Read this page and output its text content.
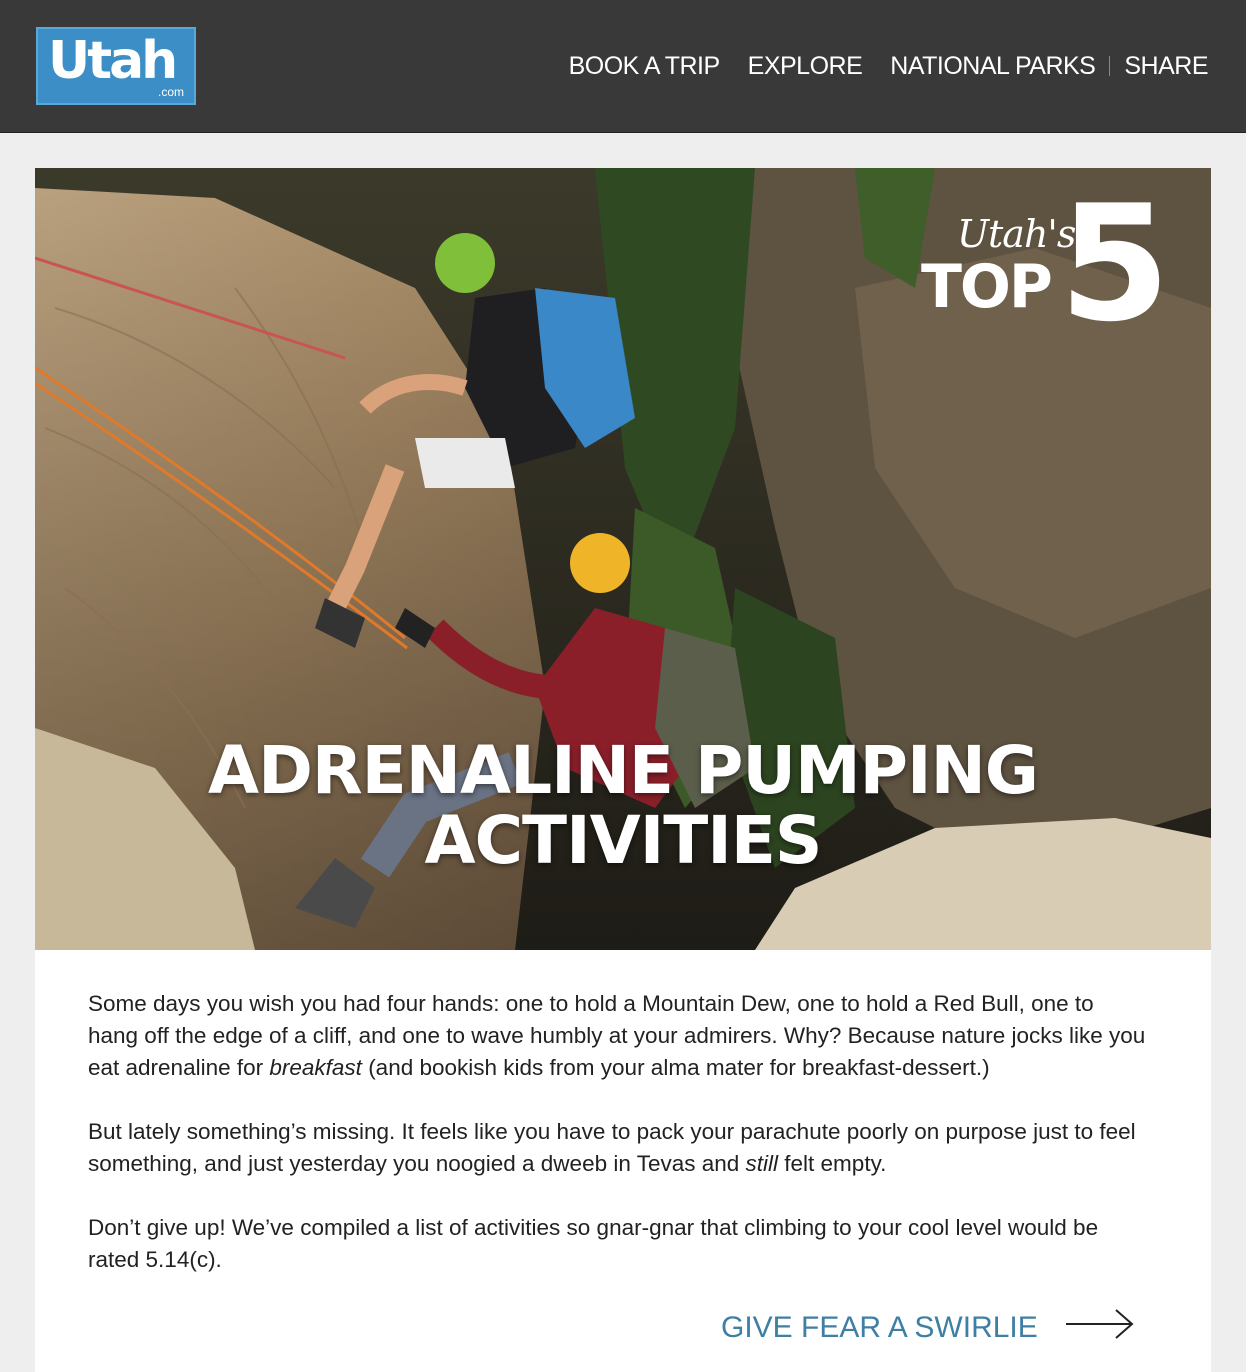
Utah
.com
BOOK A TRIP EXPLORE NATIONAL PARKS SHARE
Utah's
TOP 5
ADRENALINE PUMPING
ACTIVITIES

Some days you wish you had four hands: one to hold a Mountain Dew, one to hold a Red Bull, one to hang off the edge of a cliff, and one to wave humbly at your admirers. Why? Because nature jocks like you eat adrenaline for breakfast (and bookish kids from your alma mater for breakfast-dessert.)

But lately something’s missing. It feels like you have to pack your parachute poorly on purpose just to feel something, and just yesterday you noogied a dweeb in Tevas and still felt empty.

Don’t give up! We’ve compiled a list of activities so gnar-gnar that climbing to your cool level would be rated 5.14(c).

GIVE FEAR A SWIRLIE
